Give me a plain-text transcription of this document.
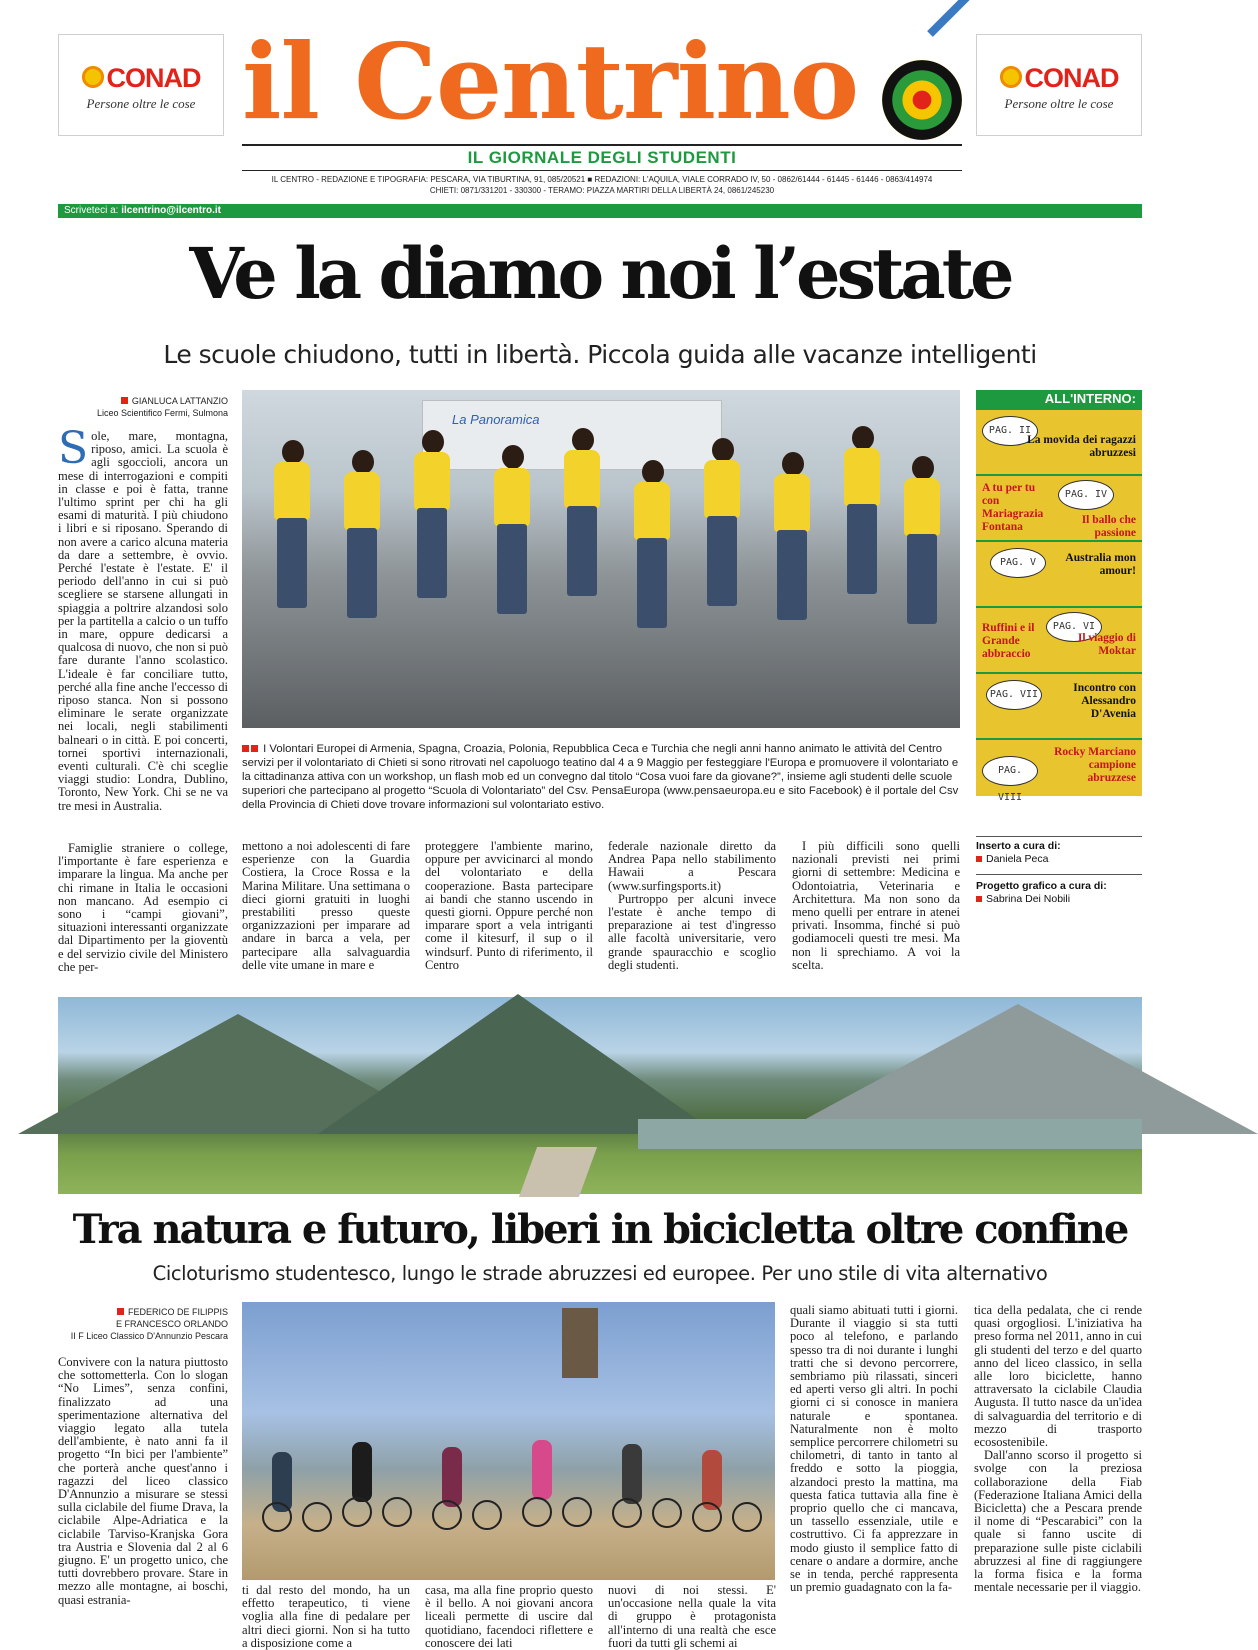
CONAD
Persone oltre le cose
CONAD
Persone oltre le cose
il Centrino
IL GIORNALE DEGLI STUDENTI
IL CENTRO - REDAZIONE E TIPOGRAFIA: PESCARA, VIA TIBURTINA, 91, 085/20521 ■ REDAZIONI: L'AQUILA, VIALE CORRADO IV, 50 - 0862/61444 - 61445 - 61446 - 0863/414974
CHIETI: 0871/331201 - 330300 - TERAMO: PIAZZA MARTIRI DELLA LIBERTÀ 24, 0861/245230
Scriveteci a: ilcentrino@ilcentro.it
Ve la diamo noi l’estate
Le scuole chiudono, tutti in libertà. Piccola guida alle vacanze intelligenti
GIANLUCA LATTANZIO
Liceo Scientifico Fermi, Sulmona

Sole, mare, montagna, riposo, amici. La scuola è agli sgoccioli, ancora un mese di interrogazioni e compiti in classe e poi è fatta, tranne l'ultimo sprint per chi ha gli esami di maturità. I più chiudono i libri e si riposano. Sperando di non avere a carico alcuna materia da dare a settembre, è ovvio. Perché l'estate è l'estate. E' il periodo dell'anno in cui si può scegliere se starsene allungati in spiaggia a poltrire alzandosi solo per la partitella a calcio o un tuffo in mare, oppure dedicarsi a qualcosa di nuovo, che non si può fare durante l'anno scolastico. L'ideale è far conciliare tutto, perché alla fine anche l'eccesso di riposo stanca. Non si possono eliminare le serate organizzate nei locali, negli stabilimenti balneari o in città. E poi concerti, tornei sportivi internazionali, eventi culturali. C'è chi sceglie viaggi studio: Londra, Dublino, Toronto, New York. Chi se ne va tre mesi in Australia.

Famiglie straniere o college, l'importante è fare esperienza e imparare la lingua. Ma anche per chi rimane in Italia le occasioni non mancano. Ad esempio ci sono i “campi giovani”, situazioni interessanti organizzate dal Dipartimento per la gioventù e del servizio civile del Ministero che per-

La Panoramica
I Volontari Europei di Armenia, Spagna, Croazia, Polonia, Repubblica Ceca e Turchia che negli anni hanno animato le attività del Centro servizi per il volontariato di Chieti si sono ritrovati nel capoluogo teatino dal 4 a 9 Maggio per festeggiare l'Europa e promuovere il volontariato e la cittadinanza attiva con un workshop, un flash mob ed un convegno dal titolo “Cosa vuoi fare da giovane?”, insieme agli studenti delle scuole superiori che partecipano al progetto “Scuola di Volontariato” del Csv. PensaEuropa (www.pensaeuropa.eu e sito Facebook) è il portale del Csv della Provincia di Chieti dove trovare informazioni sul volontariato estivo.

mettono a noi adolescenti di fare esperienze con la Guardia Costiera, la Croce Rossa e la Marina Militare. Una settimana o dieci giorni gratuiti in luoghi prestabiliti presso queste organizzazioni per imparare ad andare in barca a vela, per partecipare alla salvaguardia delle vite umane in mare e

proteggere l'ambiente marino, oppure per avvicinarci al mondo del volontariato e della cooperazione. Basta partecipare ai bandi che stanno uscendo in questi giorni. Oppure perché non imparare sport a vela intriganti come il kitesurf, il sup o il windsurf. Punto di riferimento, il Centro

federale nazionale diretto da Andrea Papa nello stabilimento Hawaii a Pescara (www.surfingsports.it)

Purtroppo per alcuni invece l'estate è anche tempo di preparazione ai test d'ingresso alle facoltà universitarie, vero grande spauracchio e scoglio degli studenti.

I più difficili sono quelli nazionali previsti nei primi giorni di settembre: Medicina e Odontoiatria, Veterinaria e Architettura. Ma non sono da meno quelli per entrare in atenei privati. Insomma, finché si può godiamoceli questi tre mesi. Ma non li sprechiamo. A voi la scelta.

ALL'INTERNO:
PAG. II
La movida dei ragazzi abruzzesi
A tu per tu con Mariagrazia Fontana
PAG. IV
Il ballo che passione
PAG. V	Australia mon amour!
Ruffini e il Grande abbraccio
PAG. VI
Il viaggio di Moktar
PAG. VII
Incontro con Alessandro D'Avenia
PAG. VIII
Rocky Marciano campione abruzzese
Inserto a cura di:
Daniela Peca
Progetto grafico a cura di:
Sabrina Dei Nobili
Tra natura e futuro, liberi in bicicletta oltre confine
Cicloturismo studentesco, lungo le strade abruzzesi ed europee. Per uno stile di vita alternativo
FEDERICO DE FILIPPIS
E FRANCESCO ORLANDO
II F Liceo Classico D'Annunzio Pescara

Convivere con la natura piuttosto che sottometterla. Con lo slogan “No Limes”, senza confini, finalizzato ad una sperimentazione alternativa del viaggio legato alla tutela dell'ambiente, è nato anni fa il progetto “In bici per l'ambiente” che porterà anche quest'anno i ragazzi del liceo classico D'Annunzio a misurare se stessi sulla ciclabile del fiume Drava, la ciclabile Alpe-Adriatica e la ciclabile Tarviso-Kranjska Gora tra Austria e Slovenia dal 2 al 6 giugno. E' un progetto unico, che tutti dovrebbero provare. Stare in mezzo alle montagne, ai boschi, quasi estrania-

ti dal resto del mondo, ha un effetto terapeutico, ti viene voglia alla fine di pedalare per altri dieci giorni. Non si ha tutto a disposizione come a

casa, ma alla fine proprio questo è il bello. A noi giovani ancora liceali permette di uscire dal quotidiano, facendoci riflettere e conoscere dei lati

nuovi di noi stessi. E' un'occasione nella quale la vita di gruppo è protagonista all'interno di una realtà che esce fuori da tutti gli schemi ai

quali siamo abituati tutti i giorni. Durante il viaggio si sta tutti poco al telefono, e parlando spesso tra di noi durante i lunghi tratti che si devono percorrere, sembriamo più rilassati, sinceri ed aperti verso gli altri. In pochi giorni ci si conosce in maniera naturale e spontanea. Naturalmente non è molto semplice percorrere chilometri su chilometri, di tanto in tanto al freddo e sotto la pioggia, alzandoci presto la mattina, ma questa fatica tuttavia alla fine è proprio quello che ci mancava, un tassello essenziale, utile e costruttivo. Ci fa apprezzare in modo giusto il semplice fatto di cenare o andare a dormire, anche se in tenda, perché rappresenta un premio guadagnato con la fa-

tica della pedalata, che ci rende quasi orgogliosi. L'iniziativa ha preso forma nel 2011, anno in cui gli studenti del terzo e del quarto anno del liceo classico, in sella alle loro biciclette, hanno attraversato la ciclabile Claudia Augusta. Il tutto nasce da un'idea di salvaguardia del territorio e di mezzo di trasporto ecosostenibile.

Dall'anno scorso il progetto si svolge con la preziosa collaborazione della Fiab (Federazione Italiana Amici della Bicicletta) che a Pescara prende il nome di “Pescarabici” con la quale si fanno uscite di preparazione sulle piste ciclabili abruzzesi al fine di raggiungere la forma fisica e la forma mentale necessarie per il viaggio.
